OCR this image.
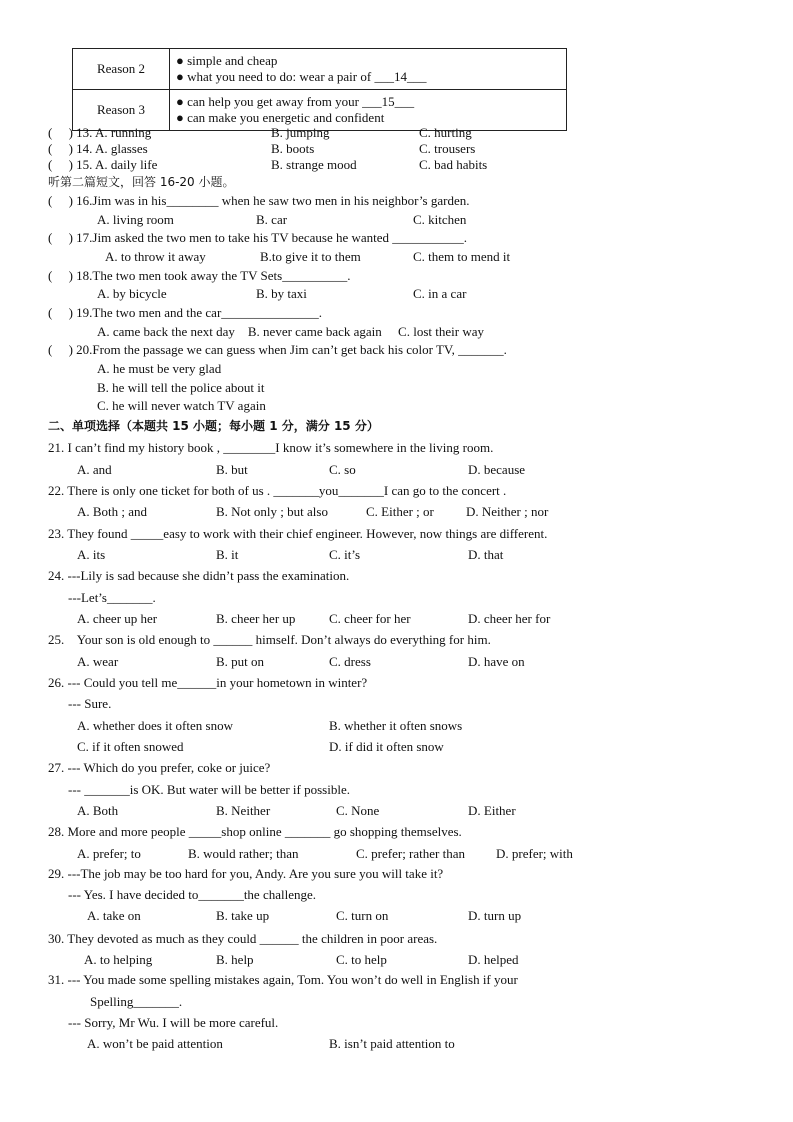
Reason 2	● simple and cheap
● what you need to do: wear a pair of ___14___

Reason 3	● can help you get away from your ___15___
● can make you energetic and confident
(     ) 13. A. running	B. jumping	C. hurting
(     ) 14. A. glasses	B. boots	C. trousers
(     ) 15. A. daily life	B. strange mood	C. bad habits
听第二篇短文，回答 16-20 小题。
(     ) 16.Jim was in his________ when he saw two men in his neighbor’s garden.
A. living room	B. car	C. kitchen
(     ) 17.Jim asked the two men to take his TV because he wanted ___________.
A. to throw it away	B.to give it to them	C. them to mend it
(     ) 18.The two men took away the TV Sets__________.
A. by bicycle	B. by taxi	C. in a car
(     ) 19.The two men and the car_______________.
A. came back the next day    B. never came back again     C. lost their way
(     ) 20.From the passage we can guess when Jim can’t get back his color TV, _______.
A. he must be very glad
B. he will tell the police about it
C. he will never watch TV again
二、单项选择（本题共 15 小题；每小题 1 分，满分 15 分）
21. I can’t find my history book , ________I know it’s somewhere in the living room.
A. and	B. but	C. so	D. because
22. There is only one ticket for both of us . _______you_______I can go to the concert .
A. Both ; and	B. Not only ; but also	C. Either ; or D. Neither ; nor
23. They found _____easy to work with their chief engineer. However, now things are different.
A. its	B. it	C. it’s	D. that
24. ---Lily is sad because she didn’t pass the examination.
---Let’s_______.
A. cheer up her	B. cheer her up	C. cheer for her	D. cheer her for
25.    Your son is old enough to ______ himself. Don’t always do everything for him.
A. wear	B. put on	C. dress	D. have on
26. --- Could you tell me______in your hometown in winter?
--- Sure.
A. whether does it often snow	B. whether it often snows
C. if it often snowed	D. if did it often snow
27. --- Which do you prefer, coke or juice?
--- _______is OK. But water will be better if possible.
A. Both	B. Neither	C. None	D. Either
28. More and more people _____shop online _______ go shopping themselves.
A. prefer; to	B. would rather; than	C. prefer; rather than D. prefer; with
29. ---The job may be too hard for you, Andy. Are you sure you will take it?
--- Yes. I have decided to_______the challenge.
A. take on	B. take up	C. turn on	D. turn up
30. They devoted as much as they could ______ the children in poor areas.
A. to helping	B. help	C. to help	D. helped
31. --- You made some spelling mistakes again, Tom. You won’t do well in English if your
Spelling_______.
--- Sorry, Mr Wu. I will be more careful.
A. won’t be paid attention	B. isn’t paid attention to
